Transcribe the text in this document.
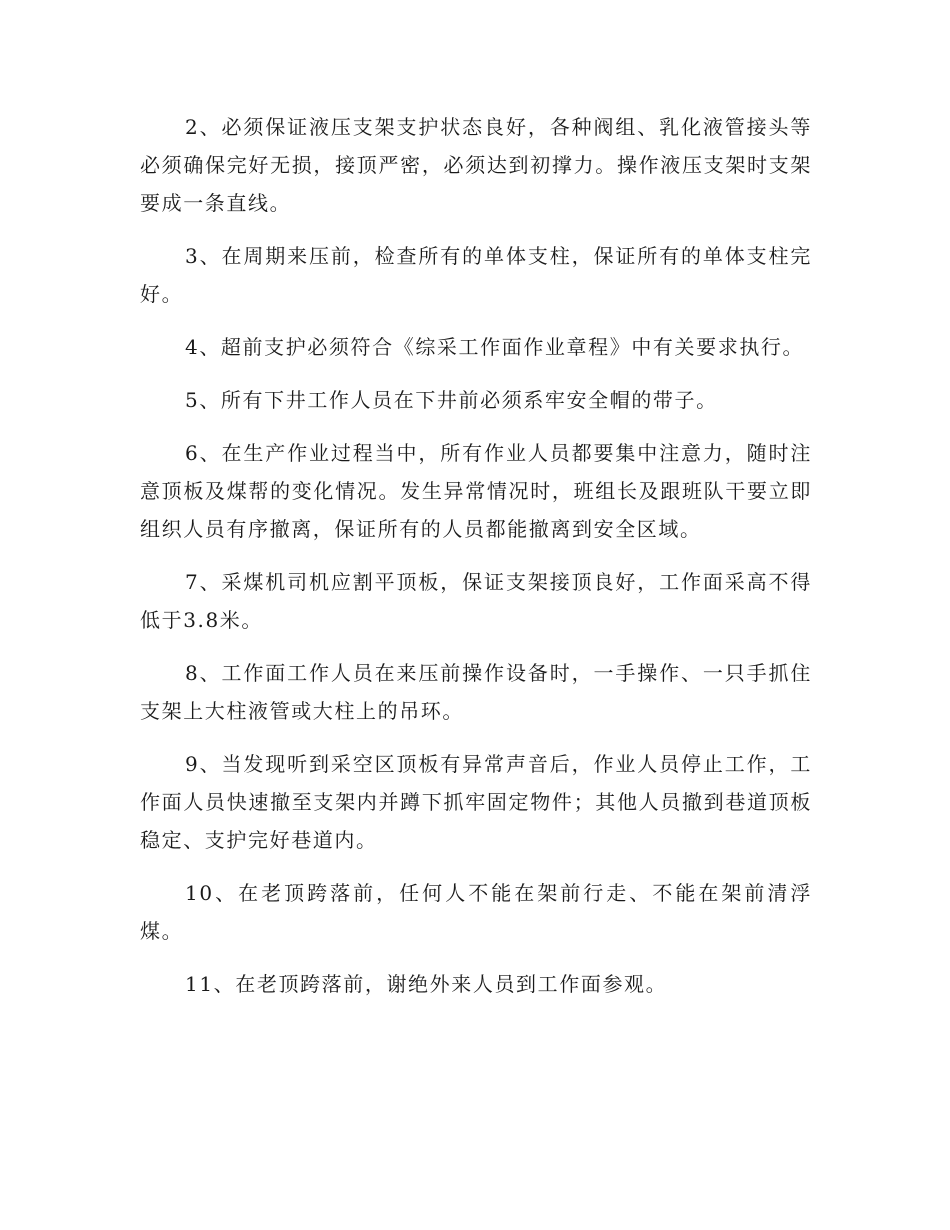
2、必须保证液压支架支护状态良好，各种阀组、乳化液管接头等必须确保完好无损，接顶严密，必须达到初撑力。操作液压支架时支架要成一条直线。

3、在周期来压前，检查所有的单体支柱，保证所有的单体支柱完好。

4、超前支护必须符合《综采工作面作业章程》中有关要求执行。

5、所有下井工作人员在下井前必须系牢安全帽的带子。

6、在生产作业过程当中，所有作业人员都要集中注意力，随时注意顶板及煤帮的变化情况。发生异常情况时，班组长及跟班队干要立即组织人员有序撤离，保证所有的人员都能撤离到安全区域。

7、采煤机司机应割平顶板，保证支架接顶良好，工作面采高不得低于3.8米。

8、工作面工作人员在来压前操作设备时，一手操作、一只手抓住支架上大柱液管或大柱上的吊环。

9、当发现听到采空区顶板有异常声音后，作业人员停止工作，工作面人员快速撤至支架内并蹲下抓牢固定物件；其他人员撤到巷道顶板稳定、支护完好巷道内。

10、在老顶跨落前，任何人不能在架前行走、不能在架前清浮煤。

11、在老顶跨落前，谢绝外来人员到工作面参观。
